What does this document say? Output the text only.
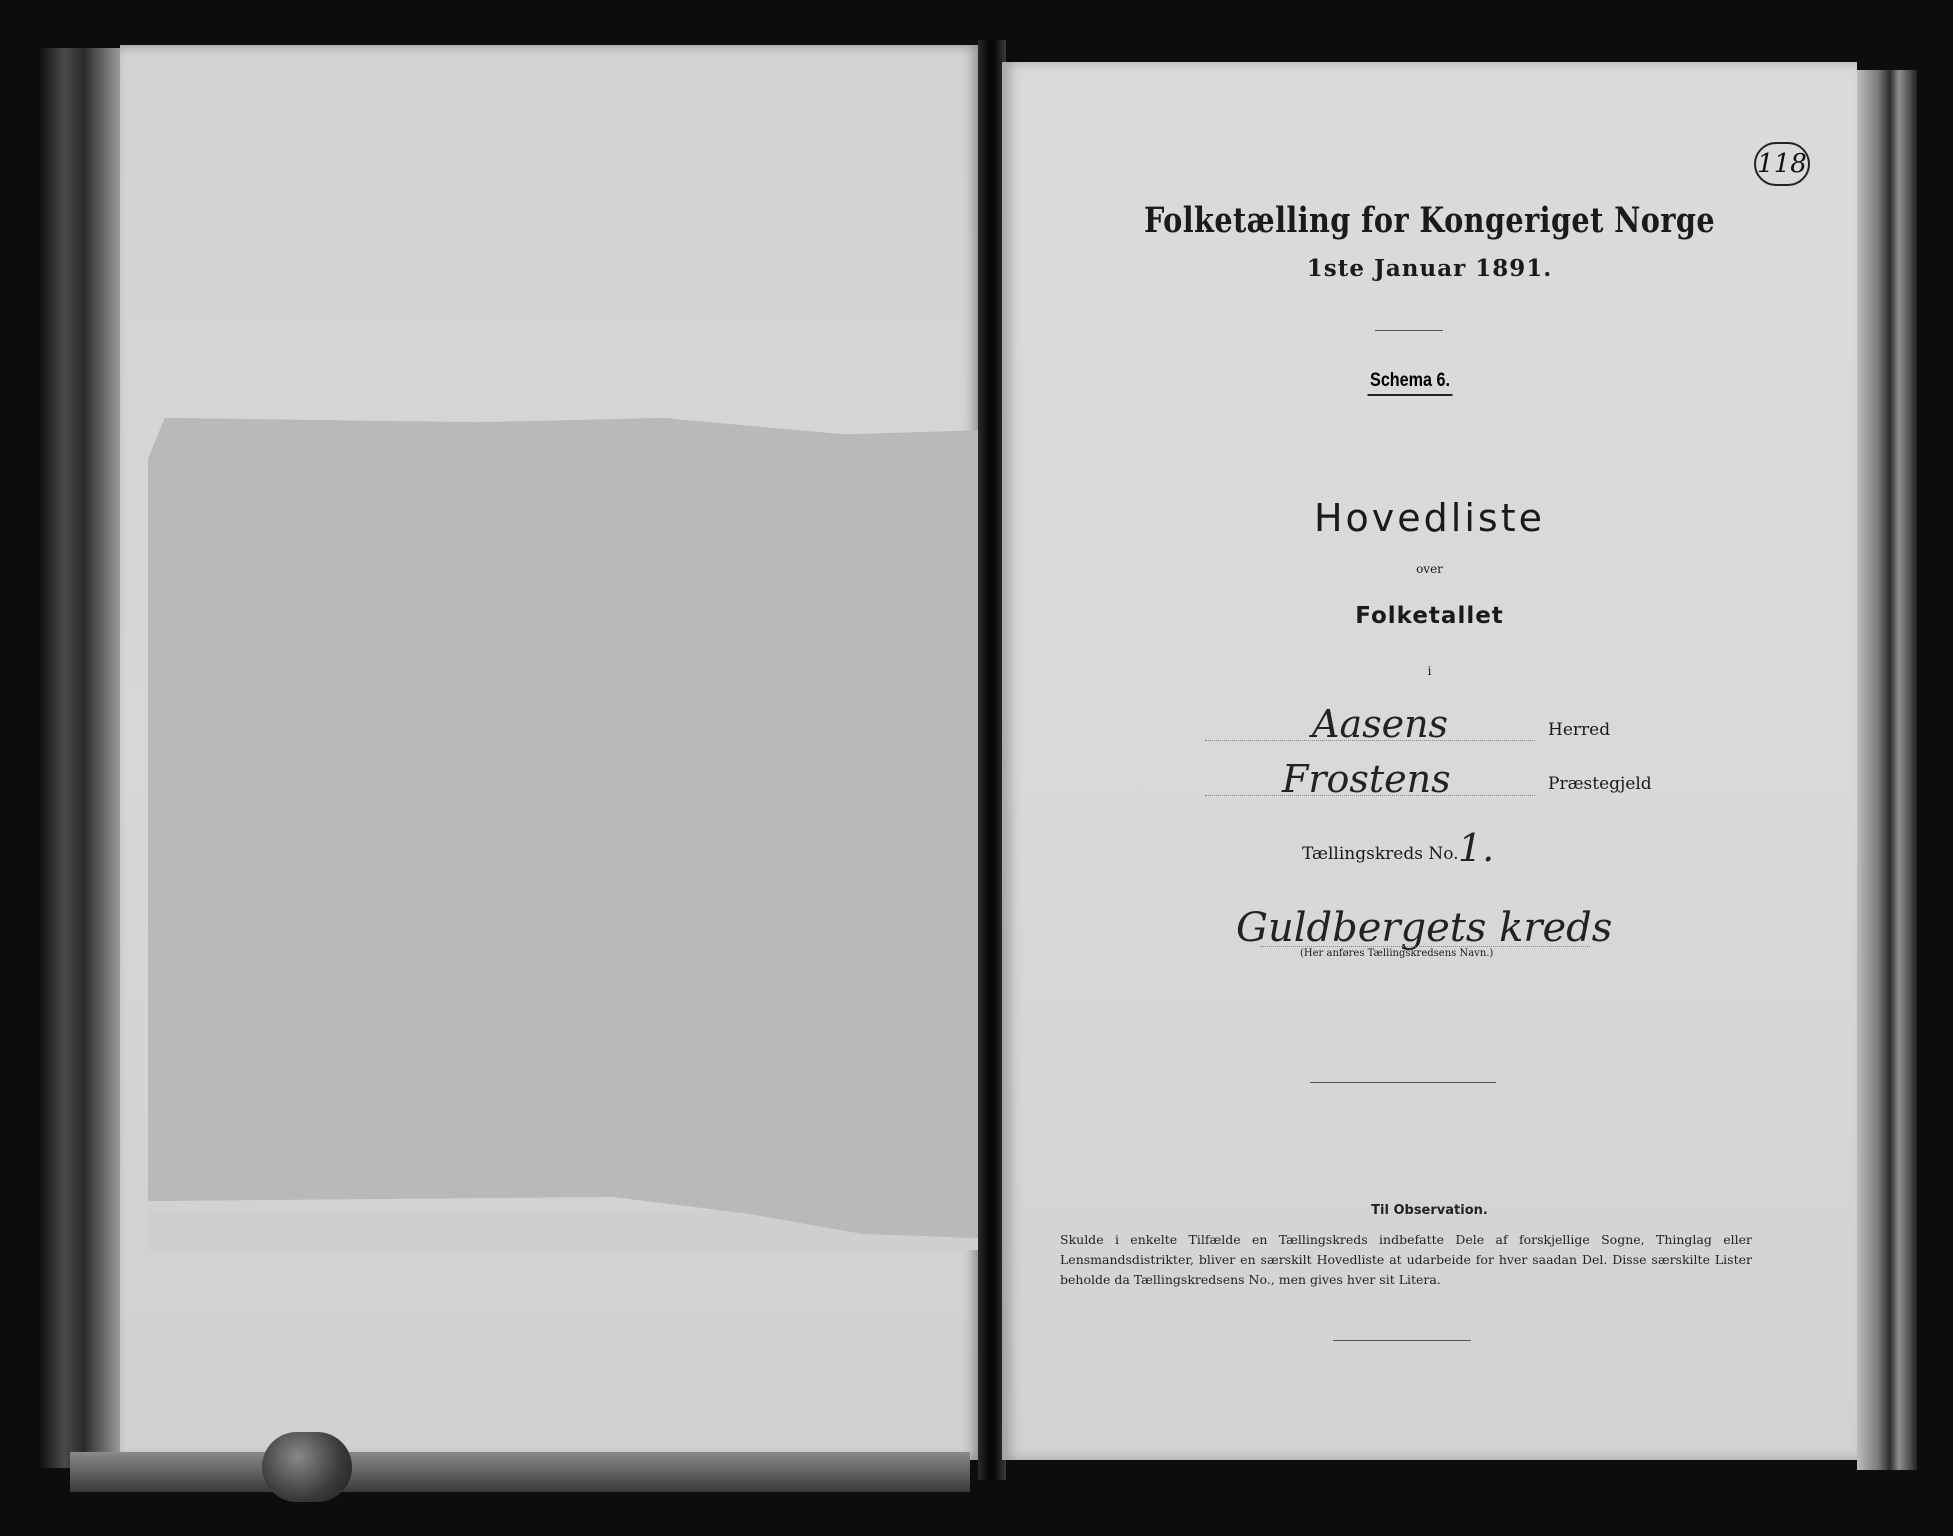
118
Folketælling for Kongeriget Norge
1ste Januar 1891.
Schema 6.
Hovedliste
over
Folketallet
i
Aasens	Herred
Frostens	Præstegjeld
Tællingskreds No. 1.
Guldbergets kreds
(Her anføres Tællingskredsens Navn.)
Til Observation.
Skulde i enkelte Tilfælde en Tællingskreds indbefatte Dele af forskjellige Sogne, Thinglag eller Lensmandsdistrikter, bliver en særskilt Hovedliste at udarbeide for hver saadan Del. Disse særskilte Lister beholde da Tællingskredsens No., men gives hver sit Litera.
